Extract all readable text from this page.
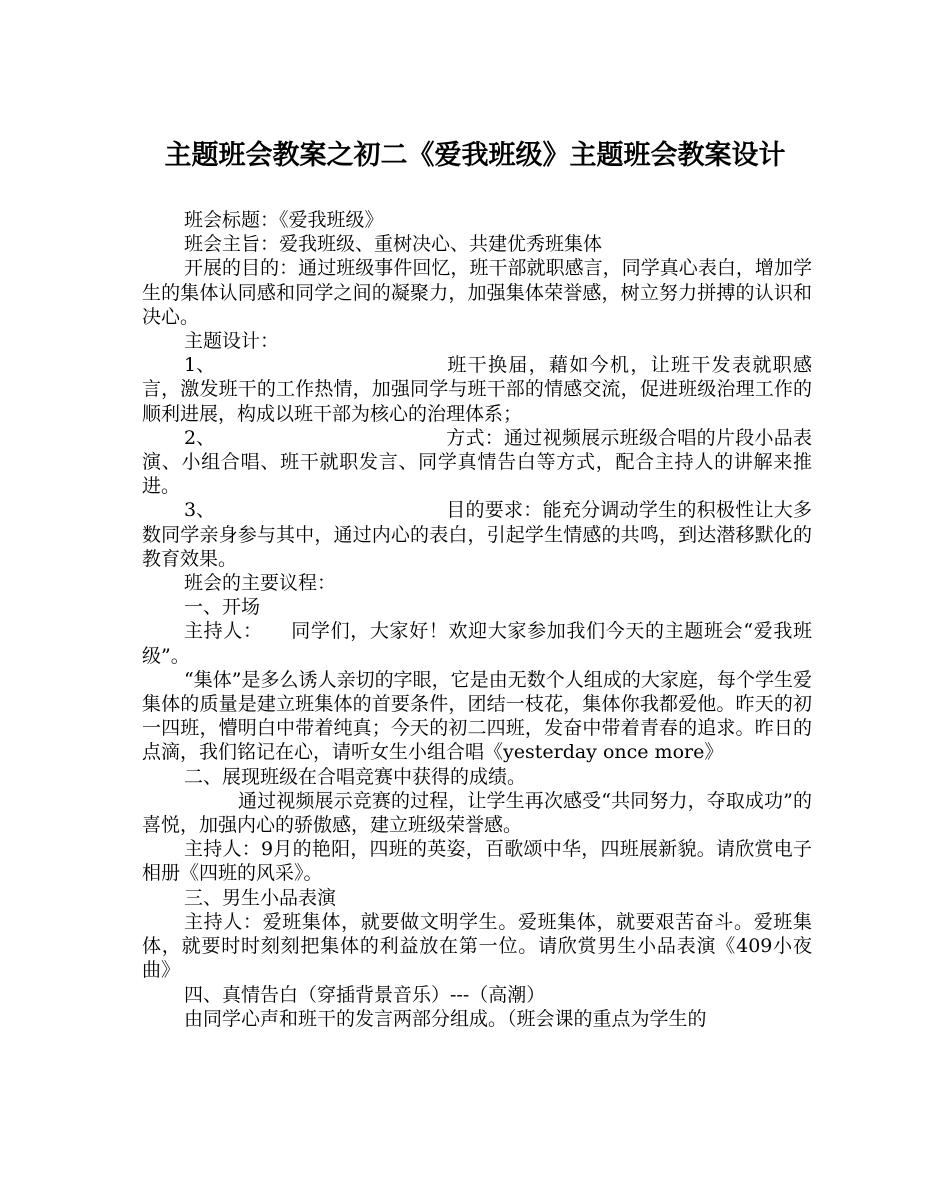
主题班会教案之初二《爱我班级》主题班会教案设计

班会标题：《爱我班级》

班会主旨：爱我班级、重树决心、共建优秀班集体

开展的目的：通过班级事件回忆，班干部就职感言，同学真心表白，增加学生的集体认同感和同学之间的凝聚力，加强集体荣誉感，树立努力拼搏的认识和决心。

主题设计：

1、	班干换届，藉如今机，让班干发表就职感言，激发班干的工作热情，加强同学与班干部的情感交流，促进班级治理工作的顺利进展，构成以班干部为核心的治理体系；

2、	方式：通过视频展示班级合唱的片段小品表演、小组合唱、班干就职发言、同学真情告白等方式，配合主持人的讲解来推进。

3、	目的要求：能充分调动学生的积极性让大多数同学亲身参与其中，通过内心的表白，引起学生情感的共鸣，到达潜移默化的教育效果。

班会的主要议程：

一、开场

主持人： 同学们，大家好！欢迎大家参加我们今天的主题班会“爱我班级”。

“集体”是多么诱人亲切的字眼，它是由无数个人组成的大家庭，每个学生爱集体的质量是建立班集体的首要条件，团结一枝花，集体你我都爱他。昨天的初一四班，懵明白中带着纯真；今天的初二四班，发奋中带着青春的追求。昨日的点滴，我们铭记在心，请听女生小组合唱《yesterday once more》

二、展现班级在合唱竞赛中获得的成绩。

通过视频展示竞赛的过程，让学生再次感受“共同努力，夺取成功”的喜悦，加强内心的骄傲感，建立班级荣誉感。

主持人：9月的艳阳，四班的英姿，百歌颂中华，四班展新貌。请欣赏电子相册《四班的风采》。

三、男生小品表演

主持人：爱班集体，就要做文明学生。爱班集体，就要艰苦奋斗。爱班集体，就要时时刻刻把集体的利益放在第一位。请欣赏男生小品表演《409小夜曲》

四、真情告白（穿插背景音乐）---（高潮）

由同学心声和班干的发言两部分组成。（班会课的重点为学生的
